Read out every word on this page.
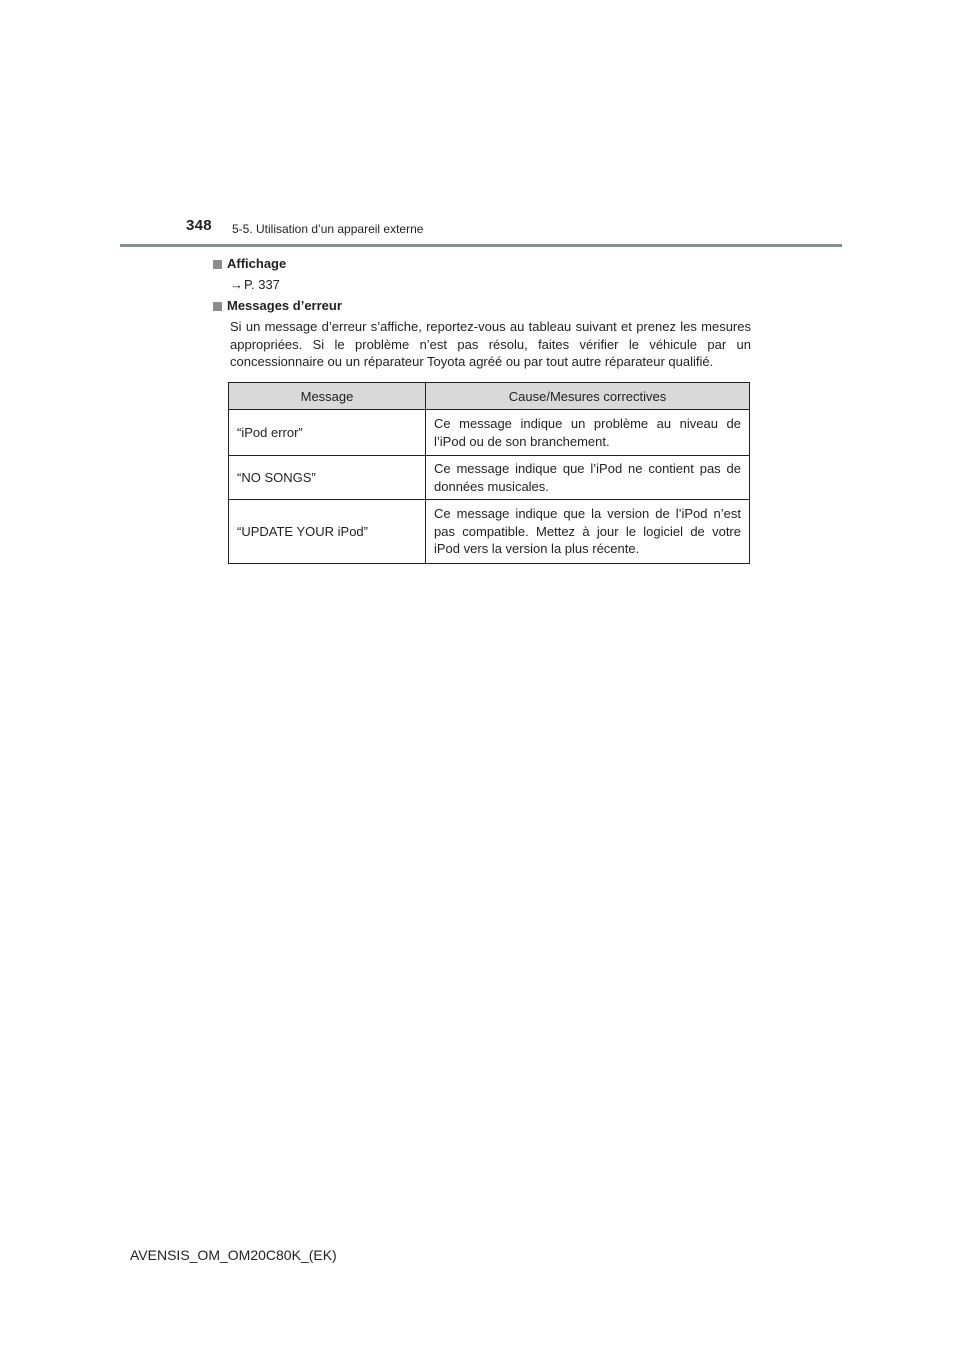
348 5-5. Utilisation d’un appareil externe
Affichage
→P. 337
Messages d’erreur
Si un message d’erreur s’affiche, reportez-vous au tableau suivant et prenez les mesures appropriées. Si le problème n’est pas résolu, faites vérifier le véhicule par un concessionnaire ou un réparateur Toyota agréé ou par tout autre réparateur qualifié.
Message	Cause/Mesures correctives
“iPod error”	Ce message indique un problème au niveau de l’iPod ou de son branchement.
“NO SONGS”	Ce message indique que l’iPod ne contient pas de données musicales.
“UPDATE YOUR iPod”	Ce message indique que la version de l’iPod n’est pas compatible. Mettez à jour le logiciel de votre iPod vers la version la plus récente.
AVENSIS_OM_OM20C80K_(EK)
